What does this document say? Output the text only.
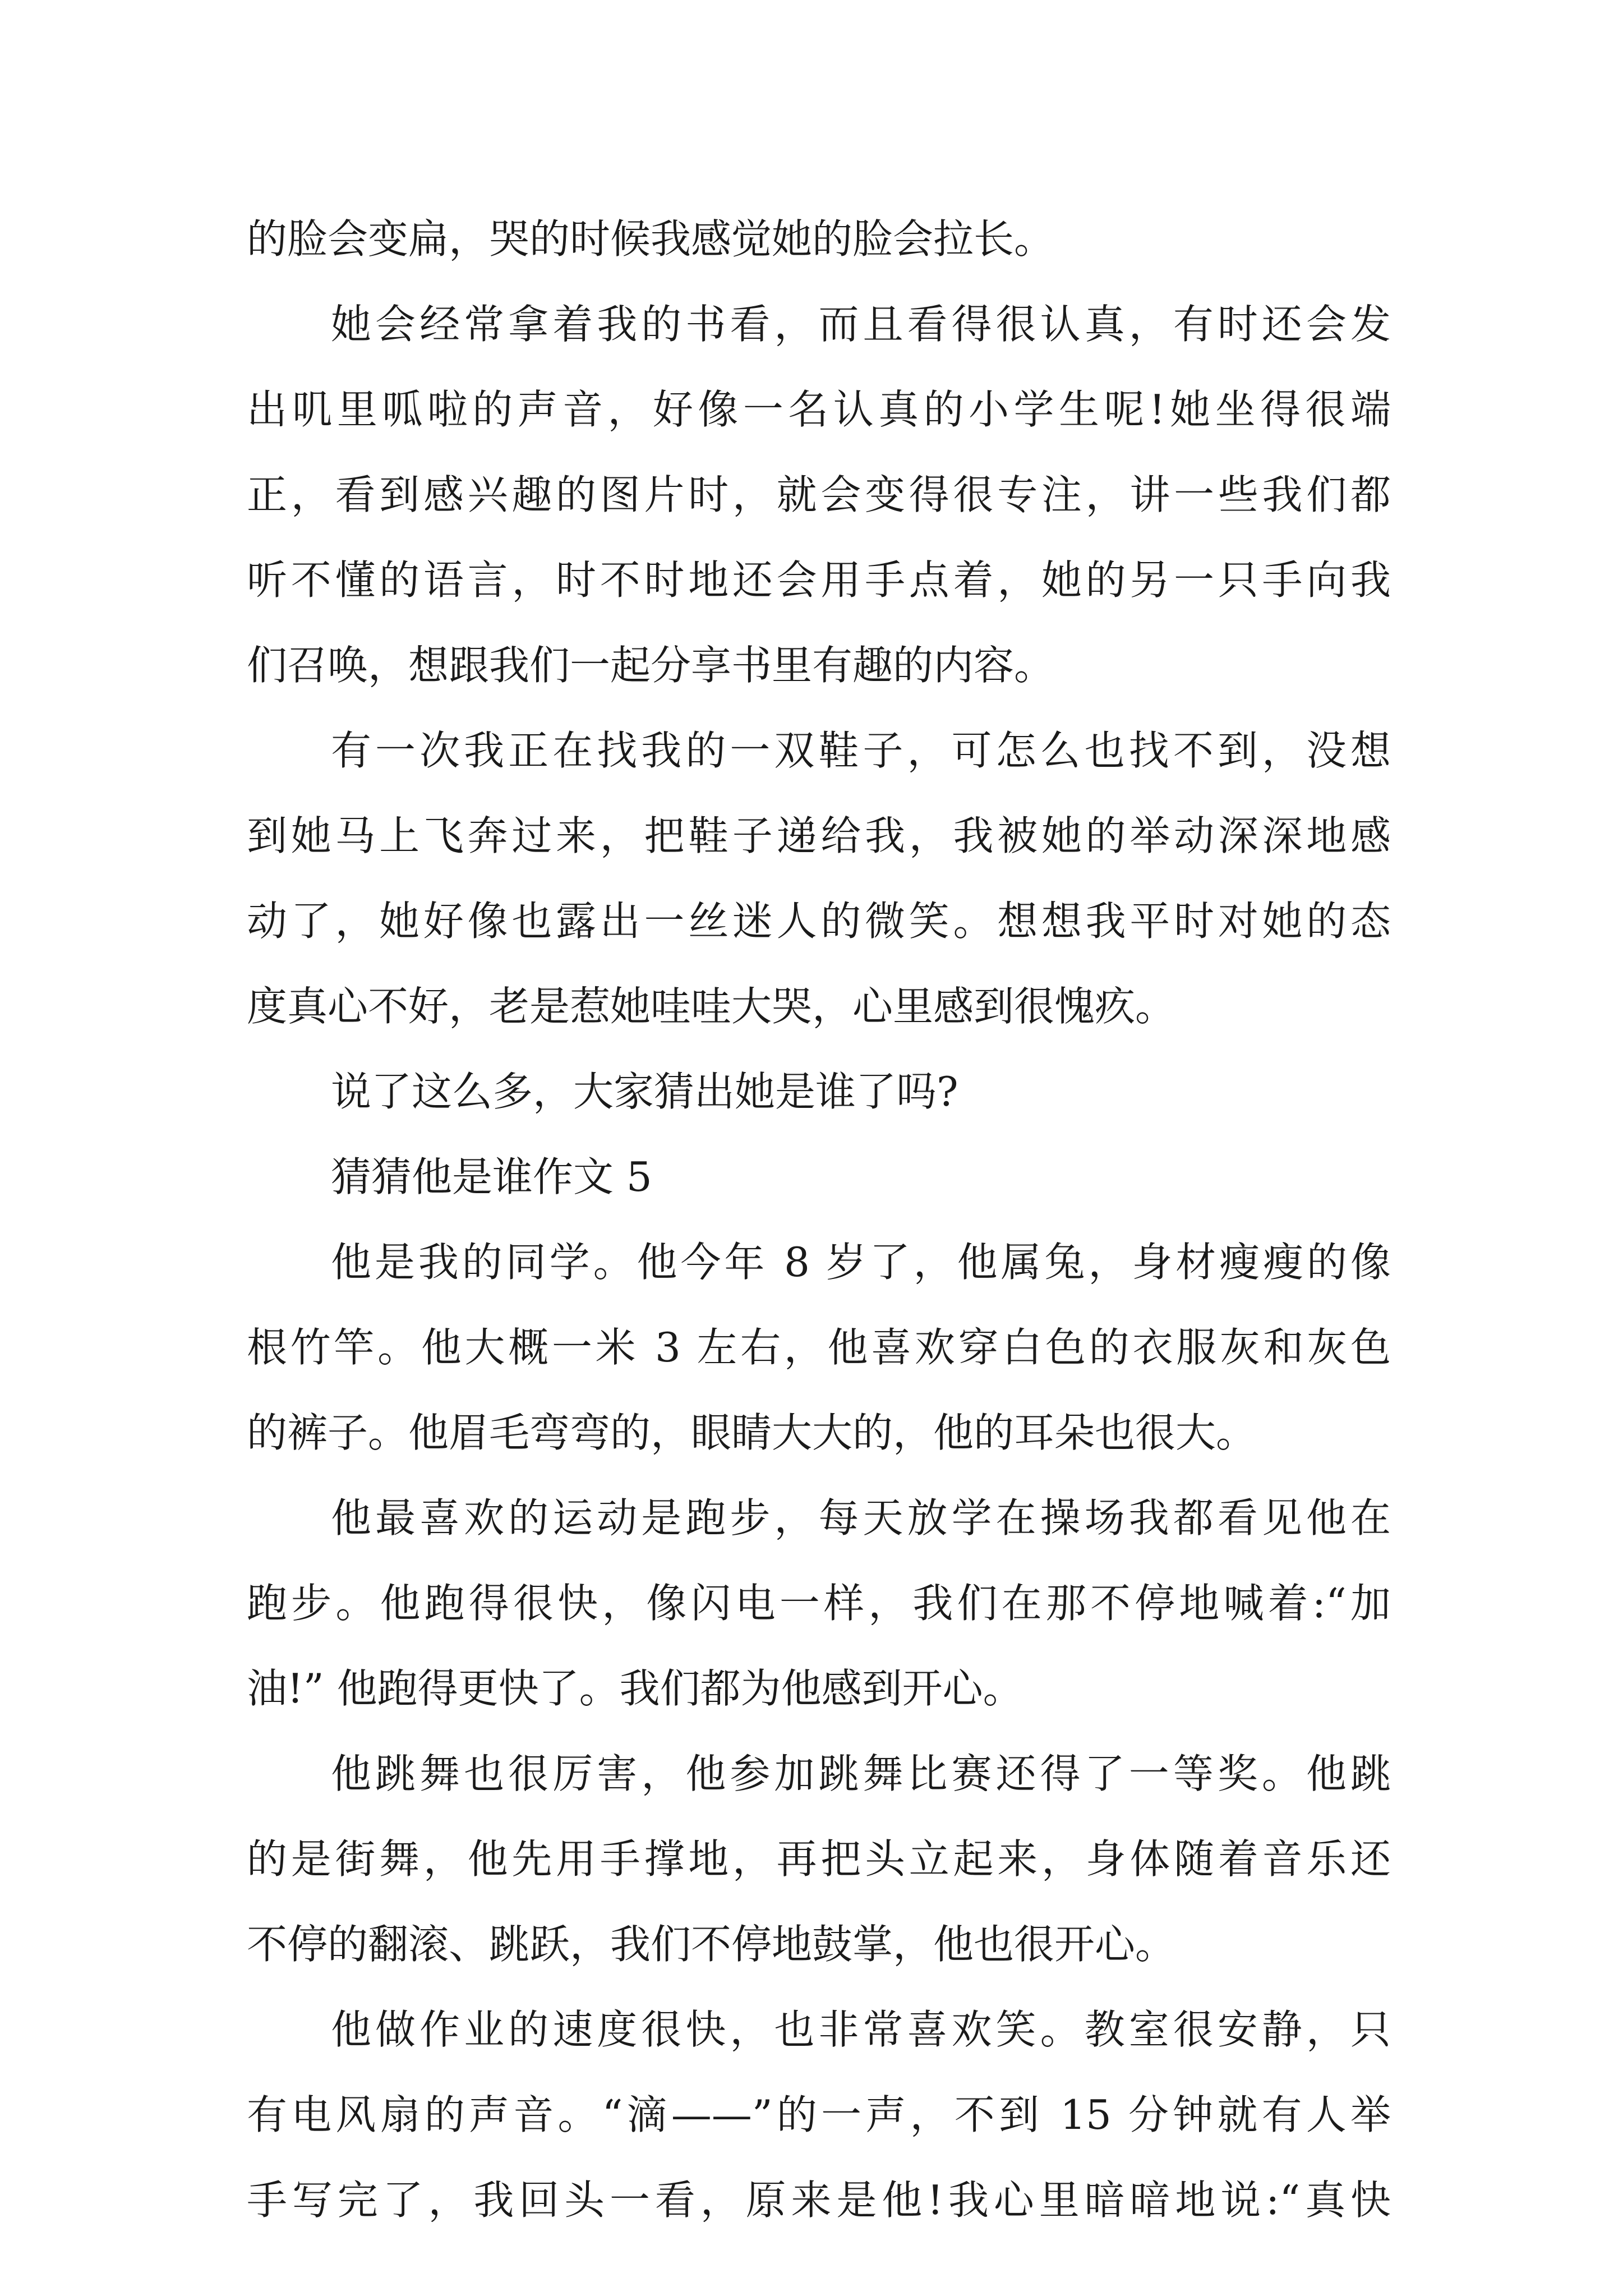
的脸会变扁，哭的时候我感觉她的脸会拉长。
她会经常拿着我的书看，而且看得很认真，有时还会发
出叽里呱啦的声音，好像一名认真的小学生呢!她坐得很端
正，看到感兴趣的图片时，就会变得很专注，讲一些我们都
听不懂的语言，时不时地还会用手点着，她的另一只手向我
们召唤，想跟我们一起分享书里有趣的内容。
有一次我正在找我的一双鞋子，可怎么也找不到，没想
到她马上飞奔过来，把鞋子递给我，我被她的举动深深地感
动了，她好像也露出一丝迷人的微笑。想想我平时对她的态
度真心不好，老是惹她哇哇大哭，心里感到很愧疚。
说了这么多，大家猜出她是谁了吗?
猜猜他是谁作文 5
他是我的同学。他今年 8 岁了，他属兔，身材瘦瘦的像
根竹竿。他大概一米 3 左右，他喜欢穿白色的衣服灰和灰色
的裤子。他眉毛弯弯的，眼睛大大的，他的耳朵也很大。
他最喜欢的运动是跑步，每天放学在操场我都看见他在
跑步。他跑得很快，像闪电一样，我们在那不停地喊着:“加
油!” 他跑得更快了。我们都为他感到开心。
他跳舞也很厉害，他参加跳舞比赛还得了一等奖。他跳
的是街舞，他先用手撑地，再把头立起来，身体随着音乐还
不停的翻滚、跳跃，我们不停地鼓掌，他也很开心。
他做作业的速度很快，也非常喜欢笑。教室很安静，只
有电风扇的声音。“滴——”的一声，不到 15 分钟就有人举
手写完了，我回头一看，原来是他!我心里暗暗地说:“真快
